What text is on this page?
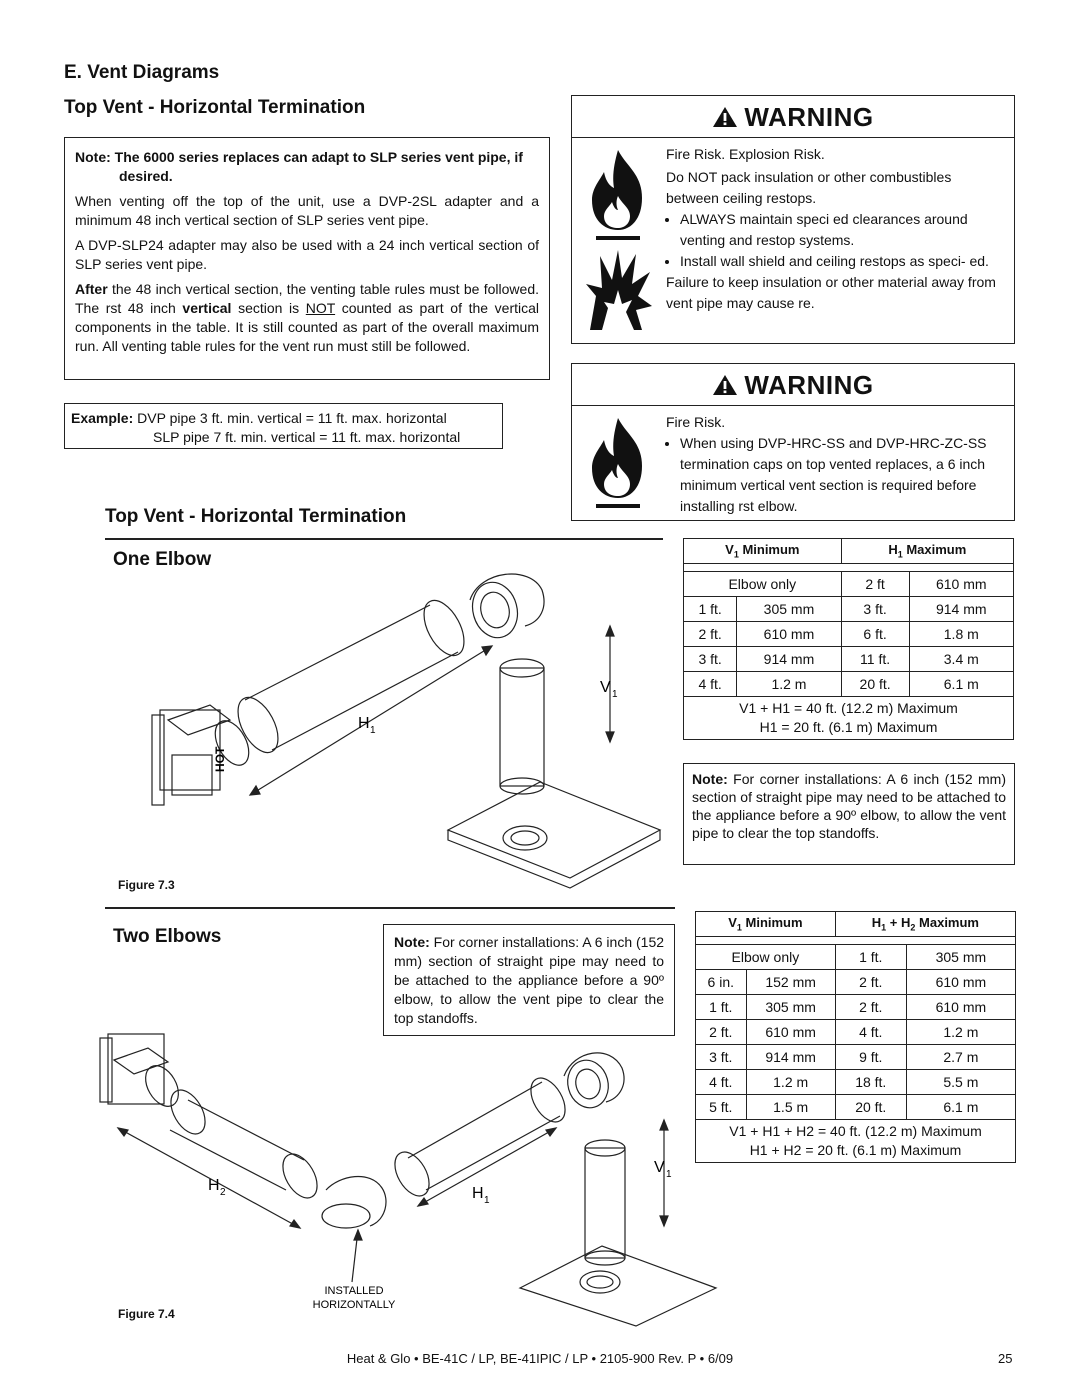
E. Vent Diagrams
Top Vent - Horizontal Termination

Note: The 6000 series replaces can adapt to SLP series vent pipe, if desired.

When venting off the top of the unit, use a DVP-2SL adapter and a minimum 48 inch vertical section of SLP series vent pipe.

A DVP-SLP24 adapter may also be used with a 24 inch vertical section of SLP series vent pipe.

After the 48 inch vertical section, the venting table rules must be followed. The rst 48 inch vertical section is NOT counted as part of the vertical components in the table. It is still counted as part of the overall maximum run. All venting table rules for the vent run must still be followed.

Example: DVP pipe 3 ft. min. vertical = 11 ft. max. horizontal
SLP pipe 7 ft. min. vertical = 11 ft. max. horizontal
WARNING
Fire Risk. Explosion Risk.
Do NOT pack insulation or other combustibles between ceiling restops.
• ALWAYS maintain speci ed clearances around venting and restop systems.
• Install wall shield and ceiling restops as speci- ed.
Failure to keep insulation or other material away from vent pipe may cause re.
WARNING
Fire Risk.
• When using DVP-HRC-SS and DVP-HRC-ZC-SS termination caps on top vented replaces, a 6 inch minimum vertical vent section is required before installing rst elbow.
Top Vent - Horizontal Termination
One Elbow
HOT
H 1
V 1
Figure 7.3
$V_1$ Minimum		$H_1$ Maximum	

Elbow only		2 ft	610 mm
1 ft.	305 mm	3 ft.	914 mm
2 ft.	610 mm	6 ft.	1.8 m
3 ft.	914 mm	11 ft.	3.4 m
4 ft.	1.2 m	20 ft.	6.1 m

V1 + H1 = 40 ft. (12.2 m) Maximum
H1 = 20 ft. (6.1 m) Maximum			
Note: For corner installations: A 6 inch (152 mm) section of straight pipe may need to be attached to the appliance before a 90º elbow, to allow the vent pipe to clear the top standoffs.
Two Elbows	Note: For corner installations: A 6 inch (152 mm) section of straight pipe may need to be attached to the appliance before a 90º elbow, to allow the vent pipe to clear the top standoffs.
H 2	H 1
V 1
INSTALLED
HORIZONTALLY
Figure 7.4
$V_1$ Minimum		$H_1 + H_2$ Maximum	

Elbow only		1 ft.	305 mm
6 in.	152 mm	2 ft.	610 mm
1 ft.	305 mm	2 ft.	610 mm
2 ft.	610 mm	4 ft.	1.2 m
3 ft.	914 mm	9 ft.	2.7 m
4 ft.	1.2 m	18 ft.	5.5 m
5 ft.	1.5 m	20 ft.	6.1 m

V1 + H1 + H2 = 40 ft. (12.2 m) Maximum
H1 + H2 = 20 ft. (6.1 m) Maximum			
Heat & Glo • BE-41C / LP, BE-41IPIC / LP • 2105-900 Rev. P • 6/09	25
